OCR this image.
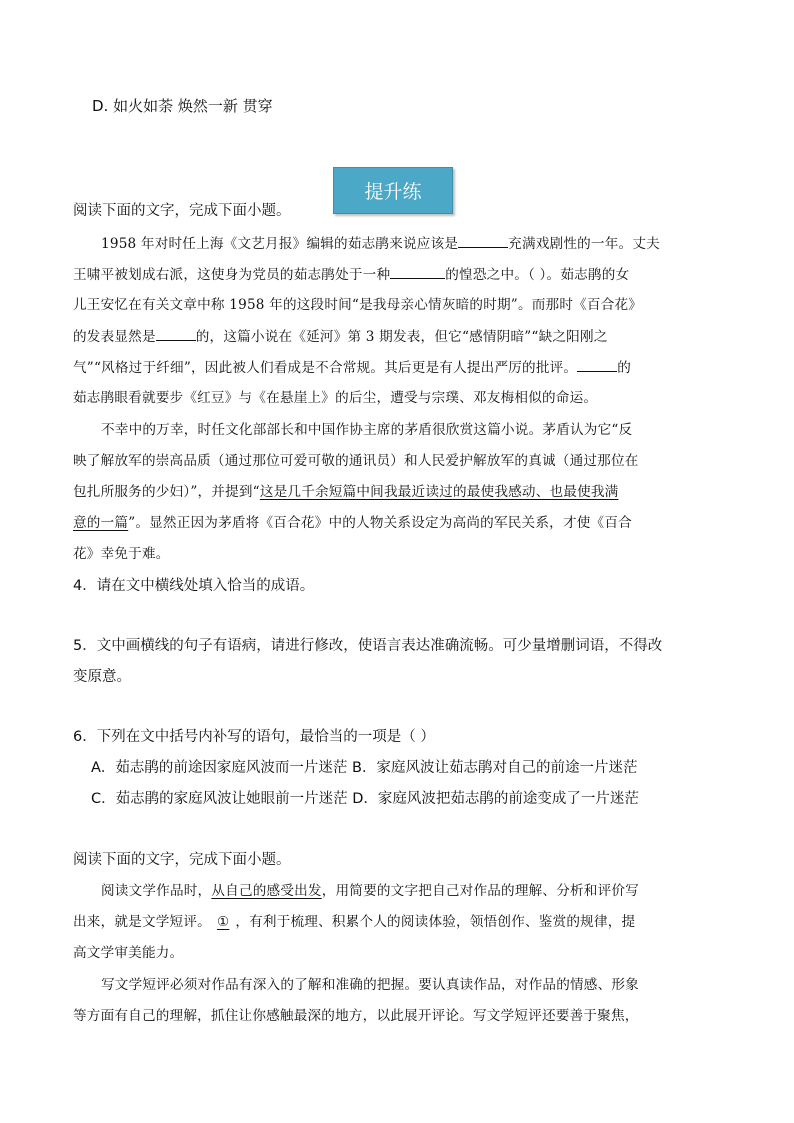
D. 如火如荼 焕然一新 贯穿
提升练
阅读下面的文字，完成下面小题。
1958 年对时任上海《文艺月报》编辑的茹志鹃来说应该是	充满戏剧性的一年。丈夫
王啸平被划成右派，这使身为党员的茹志鹃处于一种	的惶恐之中。（ ）。茹志鹃的女
儿王安忆在有关文章中称 1958 年的这段时间“是我母亲心情灰暗的时期”。而那时《百合花》
的发表显然是	的，这篇小说在《延河》第 3 期发表，但它“感情阴暗”“缺之阳刚之
气”“风格过于纤细”，因此被人们看成是不合常规。其后更是有人提出严厉的批评。	的
茹志鹃眼看就要步《红豆》与《在悬崖上》的后尘，遭受与宗璞、邓友梅相似的命运。
不幸中的万幸，时任文化部部长和中国作协主席的茅盾很欣赏这篇小说。茅盾认为它“反
映了解放军的崇高品质（通过那位可爱可敬的通讯员）和人民爱护解放军的真诚（通过那位在
包扎所服务的少妇）”，并提到“这是几千余短篇中间我最近读过的最使我感动、也最使我满
意的一篇”。显然正因为茅盾将《百合花》中的人物关系设定为高尚的军民关系，才使《百合
花》幸免于难。
4．请在文中横线处填入恰当的成语。
5．文中画横线的句子有语病，请进行修改，使语言表达准确流畅。可少量增删词语，不得改
变原意。
6．下列在文中括号内补写的语句，最恰当的一项是（ ）
A．茹志鹃的前途因家庭风波而一片迷茫 B．家庭风波让茹志鹃对自己的前途一片迷茫
C．茹志鹃的家庭风波让她眼前一片迷茫 D．家庭风波把茹志鹃的前途变成了一片迷茫
阅读下面的文字，完成下面小题。
阅读文学作品时，从自己的感受出发，用简要的文字把自己对作品的理解、分析和评价写
出来，就是文学短评。 ① ，有利于梳理、积累个人的阅读体验，领悟创作、鉴赏的规律，提
高文学审美能力。
写文学短评必须对作品有深入的了解和准确的把握。要认真读作品，对作品的情感、形象
等方面有自己的理解，抓住让你感触最深的地方，以此展开评论。写文学短评还要善于聚焦，
